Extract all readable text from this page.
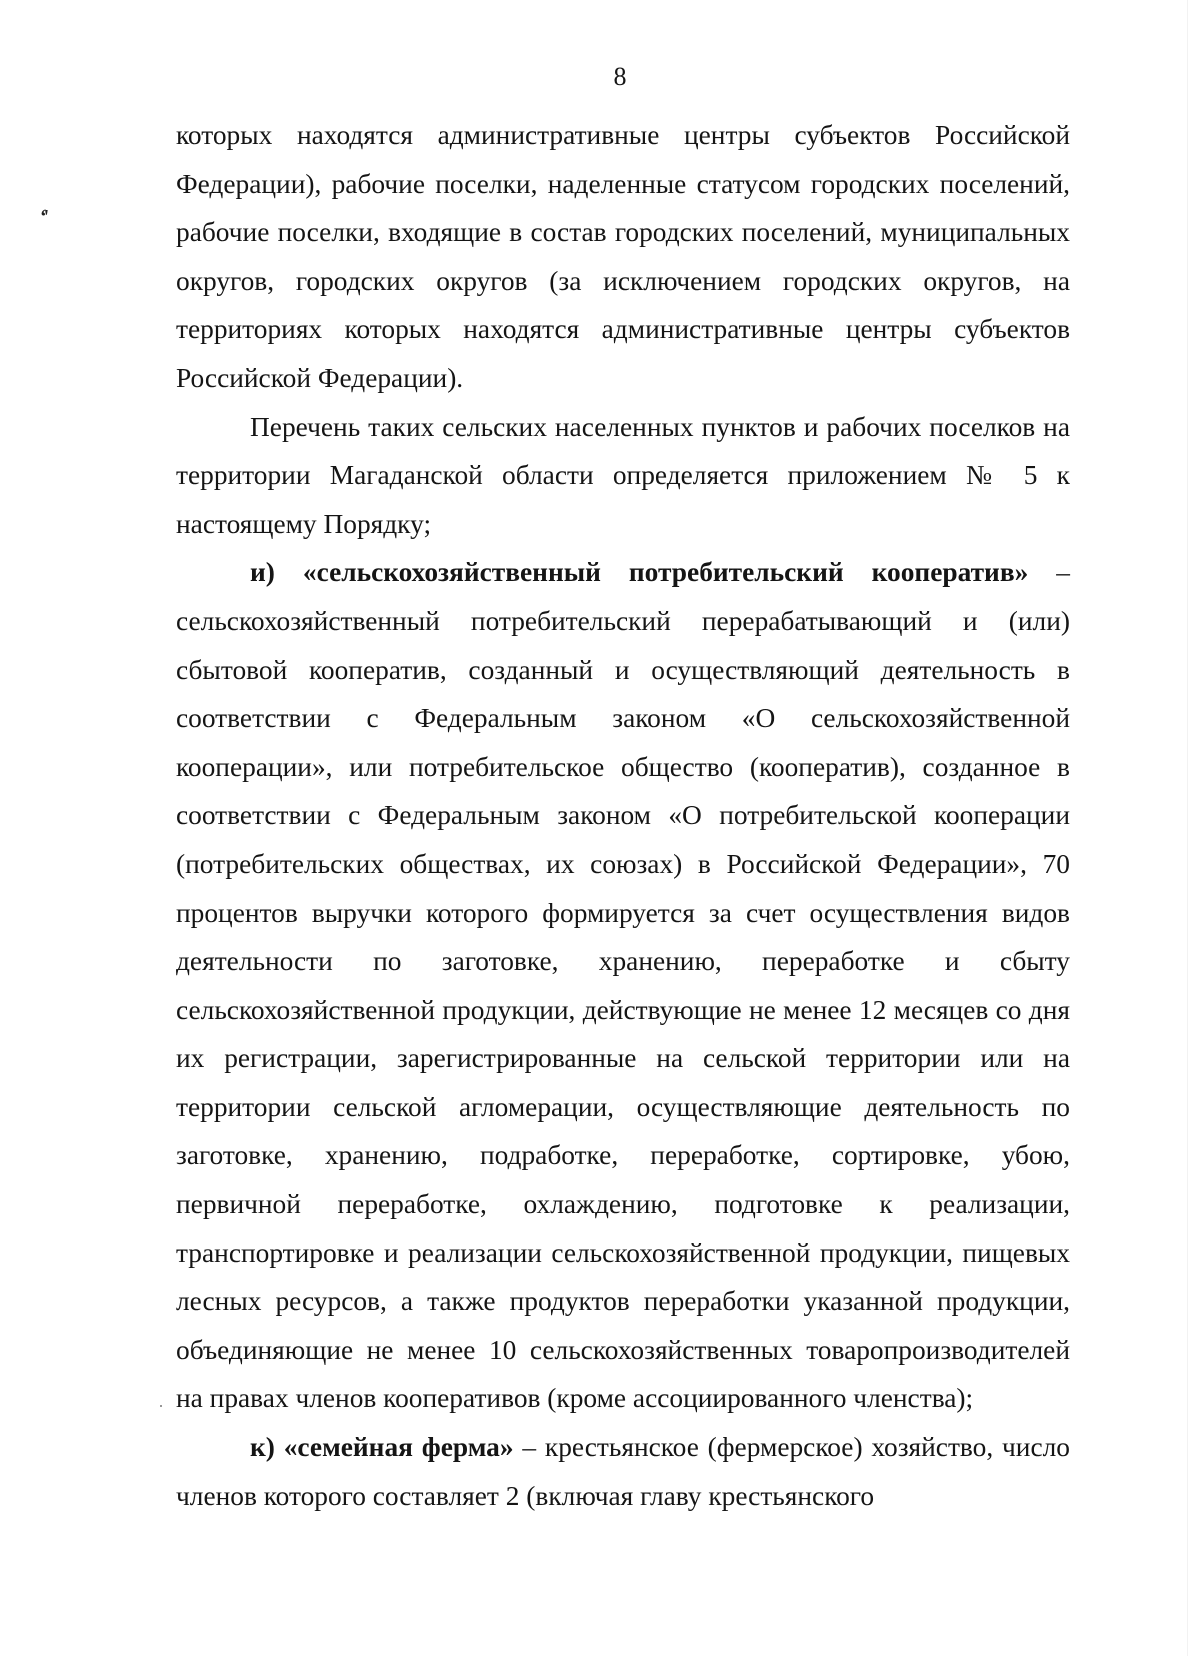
ʻ'
8

которых находятся административные центры субъектов Российской Федерации), рабочие поселки, наделенные статусом городских поселений, рабочие поселки, входящие в состав городских поселений, муниципальных округов, городских округов (за исключением городских округов, на территориях которых находятся административные центры субъектов Российской Федерации).

Перечень таких сельских населенных пунктов и рабочих поселков на территории Магаданской области определяется приложением № 5 к настоящему Порядку;

и) «сельскохозяйственный потребительский кооператив» – сельскохозяйственный потребительский перерабатывающий и (или) сбытовой кооператив, созданный и осуществляющий деятельность в соответствии с Федеральным законом «О сельскохозяйственной кооперации», или потребительское общество (кооператив), созданное в соответствии с Федеральным законом «О потребительской кооперации (потребительских обществах, их союзах) в Российской Федерации», 70 процентов выручки которого формируется за счет осуществления видов деятельности по заготовке, хранению, переработке и сбыту сельскохозяйственной продукции, действующие не менее 12 месяцев со дня их регистрации, зарегистрированные на сельской территории или на территории сельской агломерации, осуществляющие деятельность по заготовке, хранению, подработке, переработке, сортировке, убою, первичной переработке, охлаждению, подготовке к реализации, транспортировке и реализации сельскохозяйственной продукции, пищевых лесных ресурсов, а также продуктов переработки указанной продукции, объединяющие не менее 10 сельскохозяйственных товаропроизводителей на правах членов кооперативов (кроме ассоциированного членства);

к) «семейная ферма» – крестьянское (фермерское) хозяйство, число членов которого составляет 2 (включая главу крестьянского
